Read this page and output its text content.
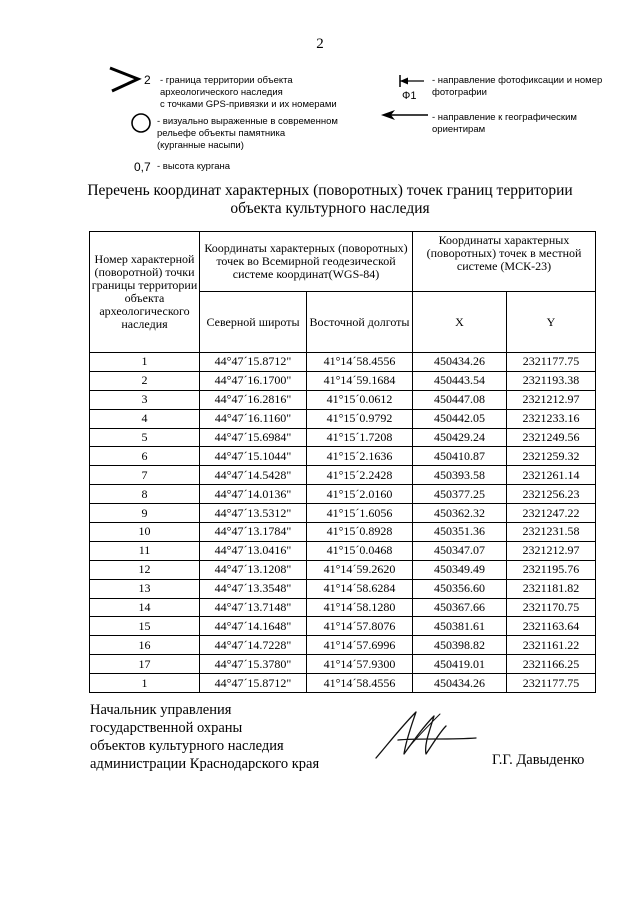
2
2 - граница территории объекта
археологического наследия
с точками GPS-привязки и их номерами
- визуально выраженные в современном
рельефе объекты памятника
(курганные насыпи)
0,7 - высота кургана
Ф1
- направление фотофиксации и номер
фотографии
- направление к географическим
ориентирам
Перечень координат характерных (поворотных) точек границ территории
объекта культурного наследия
Номер характерной (поворотной) точки границы территории объекта археологического наследия	Координаты характерных (поворотных) точек во Всемирной геодезической системе координат(WGS-84)		Координаты характерных (поворотных) точек в местной системе (МСК-23)	
	Северной широты	Восточной долготы	X	Y
1	44°47´15.8712"	41°14´58.4556	450434.26	2321177.75
2	44°47´16.1700"	41°14´59.1684	450443.54	2321193.38
3	44°47´16.2816"	41°15´0.0612	450447.08	2321212.97
4	44°47´16.1160"	41°15´0.9792	450442.05	2321233.16
5	44°47´15.6984"	41°15´1.7208	450429.24	2321249.56
6	44°47´15.1044"	41°15´2.1636	450410.87	2321259.32
7	44°47´14.5428"	41°15´2.2428	450393.58	2321261.14
8	44°47´14.0136"	41°15´2.0160	450377.25	2321256.23
9	44°47´13.5312"	41°15´1.6056	450362.32	2321247.22
10	44°47´13.1784"	41°15´0.8928	450351.36	2321231.58
11	44°47´13.0416"	41°15´0.0468	450347.07	2321212.97
12	44°47´13.1208"	41°14´59.2620	450349.49	2321195.76
13	44°47´13.3548"	41°14´58.6284	450356.60	2321181.82
14	44°47´13.7148"	41°14´58.1280	450367.66	2321170.75
15	44°47´14.1648"	41°14´57.8076	450381.61	2321163.64
16	44°47´14.7228"	41°14´57.6996	450398.82	2321161.22
17	44°47´15.3780"	41°14´57.9300	450419.01	2321166.25
1	44°47´15.8712"	41°14´58.4556	450434.26	2321177.75
Начальник управления
государственной охраны
объектов культурного наследия
администрации Краснодарского края	Г.Г. Давыденко
